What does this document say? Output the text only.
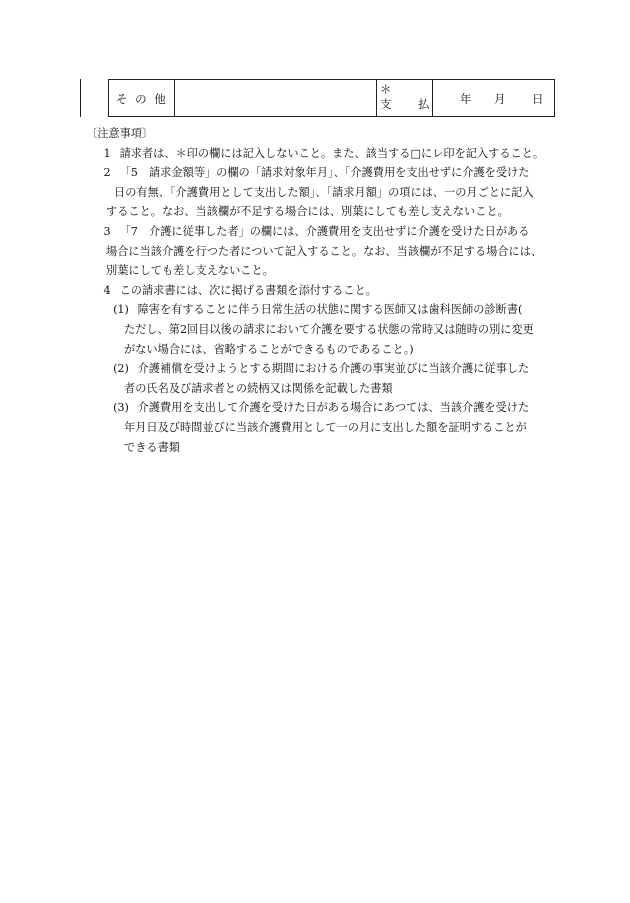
そ の 他
＊
支 払	年 月 日
〔注意事項〕
1 請求者は、＊印の欄には記入しないこと。また、該当する□にレ印を記入すること。
2 「5　請求金額等」の欄の「請求対象年月」、「介護費用を支出せずに介護を受けた
日の有無、「介護費用として支出した額」、「請求月額」の項には、一の月ごとに記入
すること。なお、当該欄が不足する場合には、別葉にしても差し支えないこと。
3 「7　介護に従事した者」の欄には、介護費用を支出せずに介護を受けた日がある
場合に当該介護を行つた者について記入すること。なお、当該欄が不足する場合には、
別葉にしても差し支えないこと。
4 この請求書には、次に掲げる書類を添付すること。
(1) 障害を有することに伴う日常生活の状態に関する医師又は歯科医師の診断書(
ただし、第2回目以後の請求において介護を要する状態の常時又は随時の別に変更
がない場合には、省略することができるものであること。)
(2) 介護補償を受けようとする期間における介護の事実並びに当該介護に従事した
者の氏名及び請求者との続柄又は関係を記載した書類
(3) 介護費用を支出して介護を受けた日がある場合にあつては、当該介護を受けた
年月日及び時間並びに当該介護費用として一の月に支出した額を証明することが
できる書類
